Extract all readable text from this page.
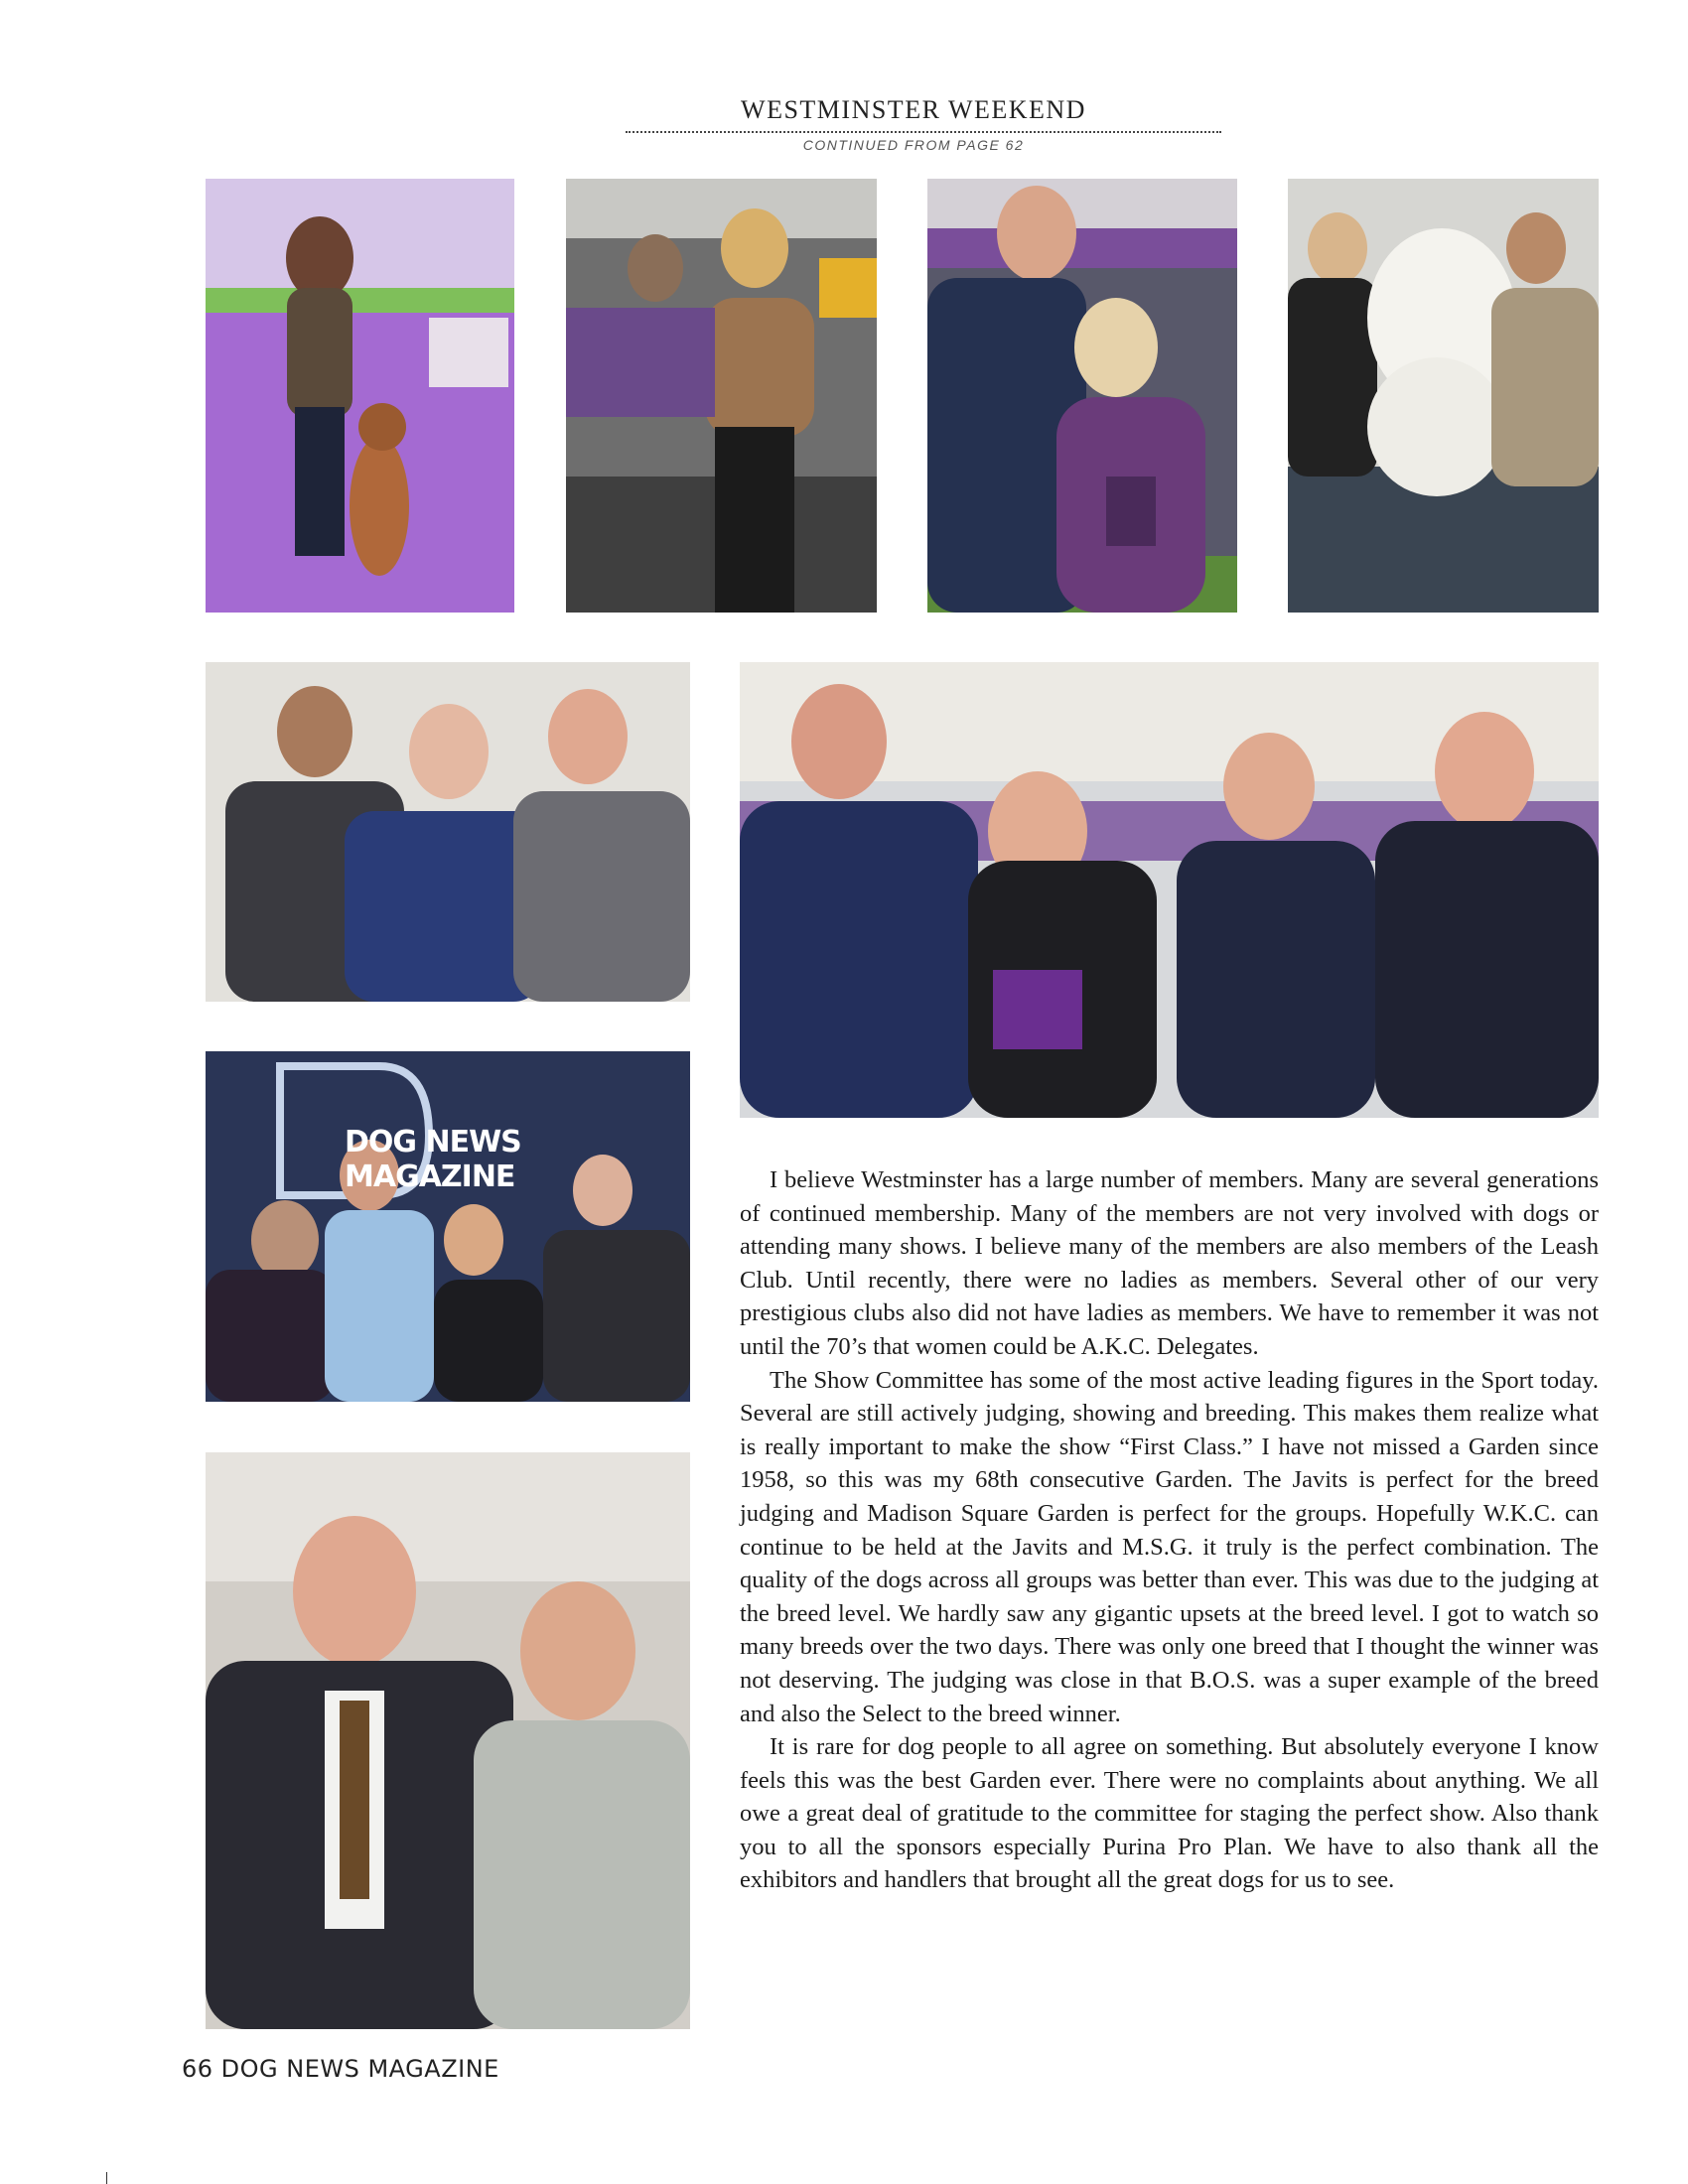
WESTMINSTER WEEKEND
CONTINUED FROM PAGE 62
DOG NEWS MAGAZINE	I believe Westminster has a large number of members. Many are several generations of continued membership. Many of the members are not very involved with dogs or attending many shows. I believe many of the members are also members of the Leash Club. Until recently, there were no ladies as members. Several other of our very prestigious clubs also did not have ladies as members. We have to remember it was not until the 70’s that women could be A.K.C. Delegates.

The Show Committee has some of the most active leading figures in the Sport today. Several are still actively judging, showing and breeding. This makes them realize what is really important to make the show “First Class.” I have not missed a Garden since 1958, so this was my 68th consecutive Garden. The Javits is perfect for the breed judging and Madison Square Garden is perfect for the groups. Hopefully W.K.C. can continue to be held at the Javits and M.S.G. it truly is the perfect combination. The quality of the dogs across all groups was better than ever. This was due to the judging at the breed level. We hardly saw any gigantic upsets at the breed level. I got to watch so many breeds over the two days. There was only one breed that I thought the winner was not deserving. The judging was close in that B.O.S. was a super example of the breed and also the Select to the breed winner.

It is rare for dog people to all agree on something. But absolutely everyone I know feels this was the best Garden ever. There were no complaints about anything. We all owe a great deal of gratitude to the committee for staging the perfect show. Also thank you to all the sponsors especially Purina Pro Plan. We have to also thank all the exhibitors and handlers that brought all the great dogs for us to see.

66 DOG NEWS MAGAZINE
